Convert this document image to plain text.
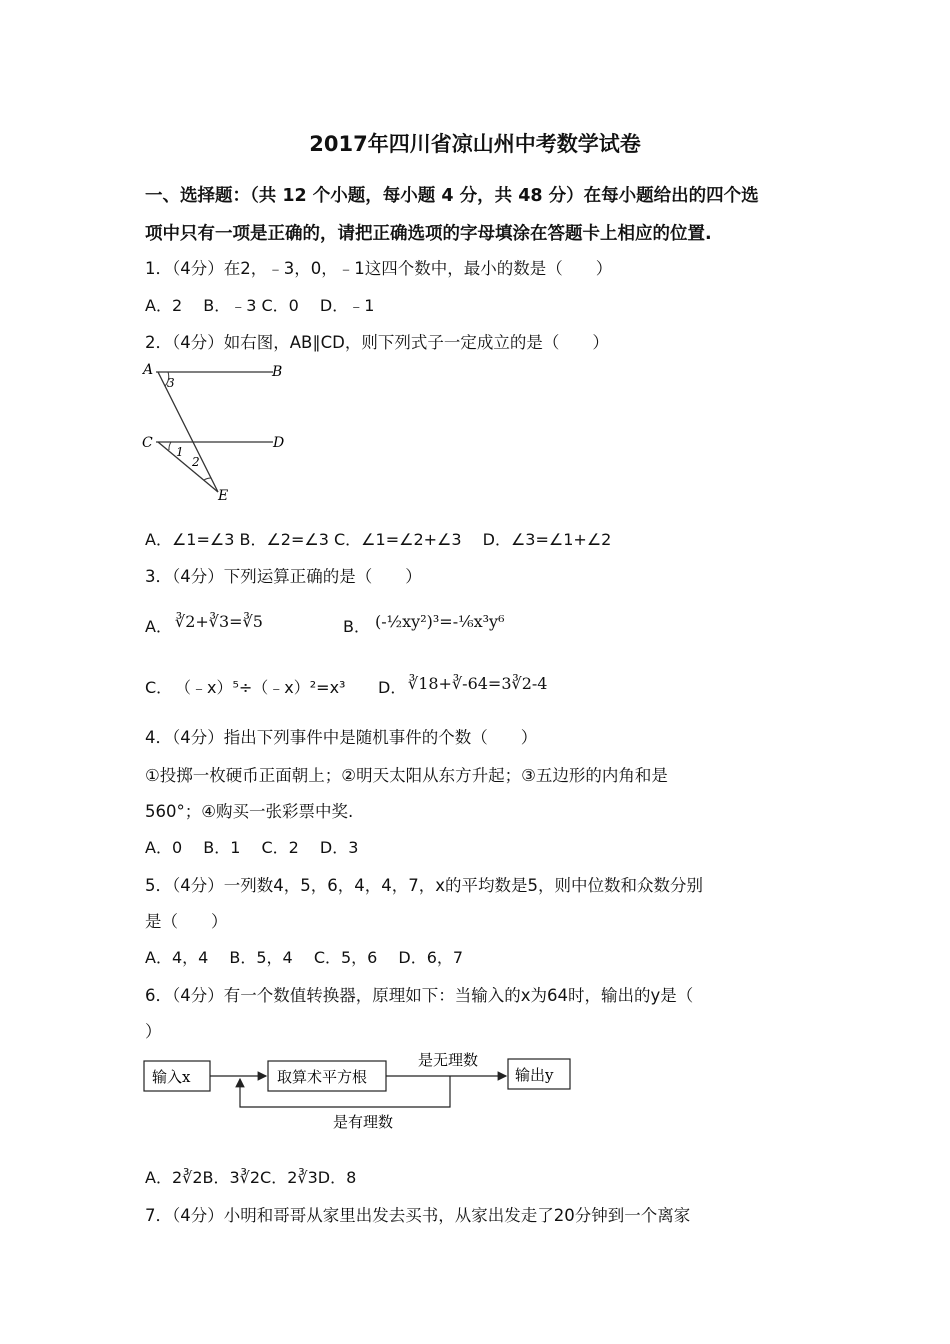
2017年四川省凉山州中考数学试卷
一、选择题：（共 12 个小题，每小题 4 分，共 48 分）在每小题给出的四个选
项中只有一项是正确的，请把正确选项的字母填涂在答题卡上相应的位置.
1．（4分）在2，﹣3，0，﹣1这四个数中，最小的数是（　　）
A．2　 B．﹣3 C．0　 D．﹣1
2．（4分）如右图，AB∥CD，则下列式子一定成立的是（　　）
A	B
C	D
E
3
1
2
A．∠1=∠3 B．∠2=∠3 C．∠1=∠2+∠3　 D．∠3=∠1+∠2
3．（4分）下列运算正确的是（　　）
A． ∛2+∛3=∛5	B． (-½xy²)³=-⅙x³y⁶
C． （﹣x）⁵÷（﹣x）²=x³ D． ∛18+∛-64=3∛2-4
4．（4分）指出下列事件中是随机事件的个数（　　）
①投掷一枚硬币正面朝上；②明天太阳从东方升起；③五边形的内角和是
560°；④购买一张彩票中奖.
A．0　 B．1　 C．2　 D．3
5．（4分）一列数4，5，6，4，4，7，x的平均数是5，则中位数和众数分别
是（　　）
A．4，4　 B．5，4　 C．5，6　 D．6，7
6．（4分）有一个数值转换器，原理如下：当输入的x为64时，输出的y是（
）
输入x	取算术平方根	输出y
是无理数
是有理数
A．2∛2B．3∛2C．2∛3D．8
7．（4分）小明和哥哥从家里出发去买书，从家出发走了20分钟到一个离家
